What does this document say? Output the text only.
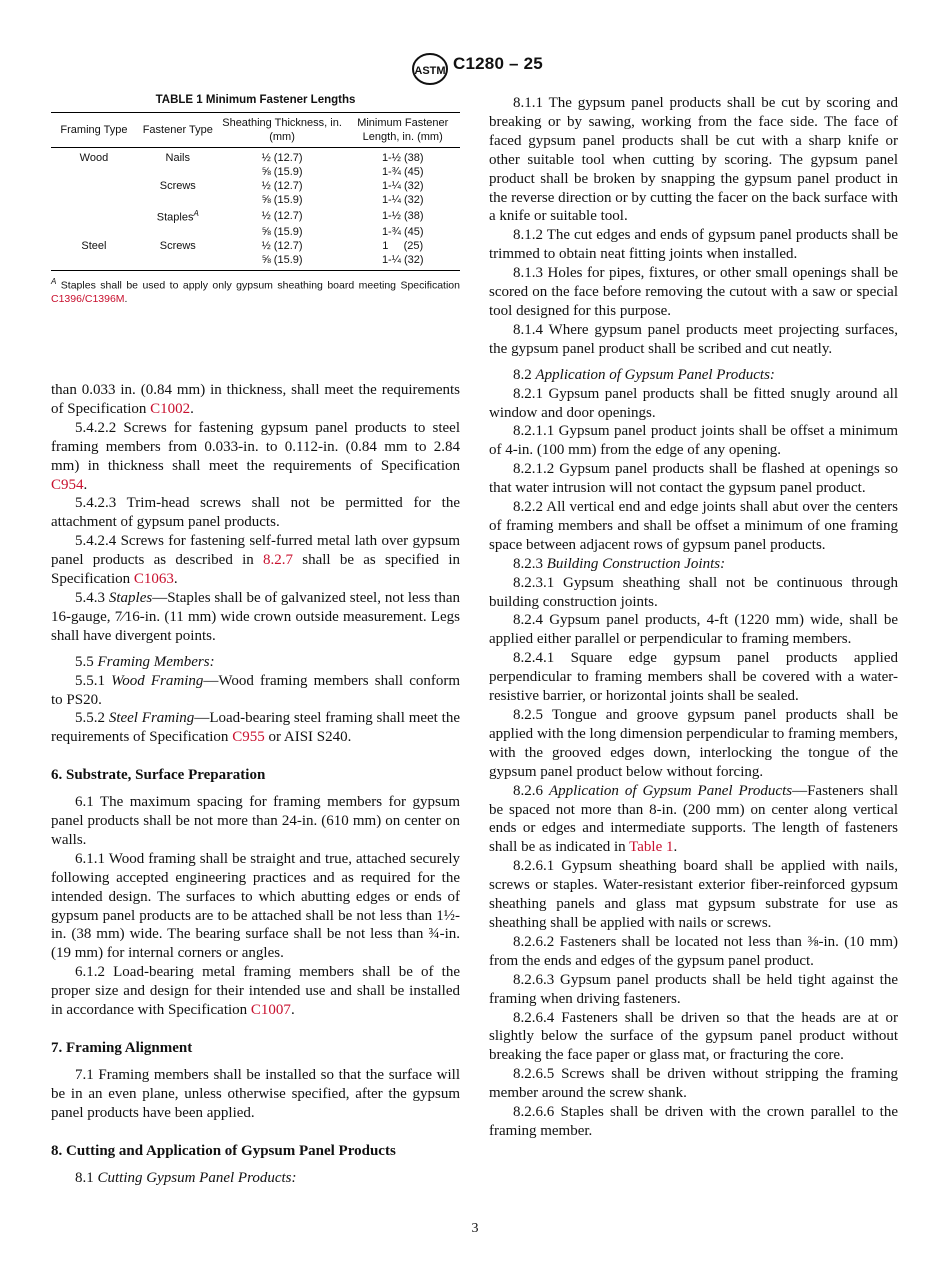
ASTM C1280 – 25
TABLE 1 Minimum Fastener Lengths
Framing Type	Fastener Type	Sheathing Thickness, in. (mm)	Minimum Fastener Length, in. (mm)
Wood	Nails	½ (12.7)	1-½ (38)
		⅝ (15.9)	1-¾ (45)
	Screws	½ (12.7)	1-¼ (32)
		⅝ (15.9)	1-¼ (32)
	Staples$^A$	½ (12.7)	1-½ (38)
		⅝ (15.9)	1-¾ (45)
Steel	Screws	½ (12.7)	1     (25)
		⅝ (15.9)	1-¼ (32)
$^A$ Staples shall be used to apply only gypsum sheathing board meeting Specification C1396/C1396M.

than 0.033 in. (0.84 mm) in thickness, shall meet the requirements of Specification C1002.

5.4.2.2 Screws for fastening gypsum panel products to steel framing members from 0.033-in. to 0.112-in. (0.84 mm to 2.84 mm) in thickness shall meet the requirements of Specification C954.

5.4.2.3 Trim-head screws shall not be permitted for the attachment of gypsum panel products.

5.4.2.4 Screws for fastening self-furred metal lath over gypsum panel products as described in 8.2.7 shall be as specified in Specification C1063.

5.4.3 Staples—Staples shall be of galvanized steel, not less than 16-gauge, 7⁄16-in. (11 mm) wide crown outside measurement. Legs shall have divergent points.

5.5 Framing Members:

5.5.1 Wood Framing—Wood framing members shall conform to PS20.

5.5.2 Steel Framing—Load-bearing steel framing shall meet the requirements of Specification C955 or AISI S240.

6. Substrate, Surface Preparation

6.1 The maximum spacing for framing members for gypsum panel products shall be not more than 24-in. (610 mm) on center on walls.

6.1.1 Wood framing shall be straight and true, attached securely following accepted engineering practices and as required for the intended design. The surfaces to which abutting edges or ends of gypsum panel products are to be attached shall be not less than 1½-in. (38 mm) wide. The bearing surface shall be not less than ¾-in. (19 mm) for internal corners or angles.

6.1.2 Load-bearing metal framing members shall be of the proper size and design for their intended use and shall be installed in accordance with Specification C1007.

7. Framing Alignment

7.1 Framing members shall be installed so that the surface will be in an even plane, unless otherwise specified, after the gypsum panel products have been applied.

8. Cutting and Application of Gypsum Panel Products

8.1 Cutting Gypsum Panel Products:

8.1.1 The gypsum panel products shall be cut by scoring and breaking or by sawing, working from the face side. The face of faced gypsum panel products shall be cut with a sharp knife or other suitable tool when cutting by scoring. The gypsum panel product shall be broken by snapping the gypsum panel product in the reverse direction or by cutting the facer on the back surface with a knife or suitable tool.

8.1.2 The cut edges and ends of gypsum panel products shall be trimmed to obtain neat fitting joints when installed.

8.1.3 Holes for pipes, fixtures, or other small openings shall be scored on the face before removing the cutout with a saw or special tool designed for this purpose.

8.1.4 Where gypsum panel products meet projecting surfaces, the gypsum panel product shall be scribed and cut neatly.

8.2 Application of Gypsum Panel Products:

8.2.1 Gypsum panel products shall be fitted snugly around all window and door openings.

8.2.1.1 Gypsum panel product joints shall be offset a minimum of 4-in. (100 mm) from the edge of any opening.

8.2.1.2 Gypsum panel products shall be flashed at openings so that water intrusion will not contact the gypsum panel product.

8.2.2 All vertical end and edge joints shall abut over the centers of framing members and shall be offset a minimum of one framing space between adjacent rows of gypsum panel products.

8.2.3 Building Construction Joints:

8.2.3.1 Gypsum sheathing shall not be continuous through building construction joints.

8.2.4 Gypsum panel products, 4-ft (1220 mm) wide, shall be applied either parallel or perpendicular to framing members.

8.2.4.1 Square edge gypsum panel products applied perpendicular to framing members shall be covered with a water-resistive barrier, or horizontal joints shall be sealed.

8.2.5 Tongue and groove gypsum panel products shall be applied with the long dimension perpendicular to framing members, with the grooved edges down, interlocking the tongue of the gypsum panel product below without forcing.

8.2.6 Application of Gypsum Panel Products—Fasteners shall be spaced not more than 8-in. (200 mm) on center along vertical ends or edges and intermediate supports. The length of fasteners shall be as indicated in Table 1.

8.2.6.1 Gypsum sheathing board shall be applied with nails, screws or staples. Water-resistant exterior fiber-reinforced gypsum sheathing panels and glass mat gypsum substrate for use as sheathing shall be applied with nails or screws.

8.2.6.2 Fasteners shall be located not less than ⅜-in. (10 mm) from the ends and edges of the gypsum panel product.

8.2.6.3 Gypsum panel products shall be held tight against the framing when driving fasteners.

8.2.6.4 Fasteners shall be driven so that the heads are at or slightly below the surface of the gypsum panel product without breaking the face paper or glass mat, or fracturing the core.

8.2.6.5 Screws shall be driven without stripping the framing member around the screw shank.

8.2.6.6 Staples shall be driven with the crown parallel to the framing member.

3
